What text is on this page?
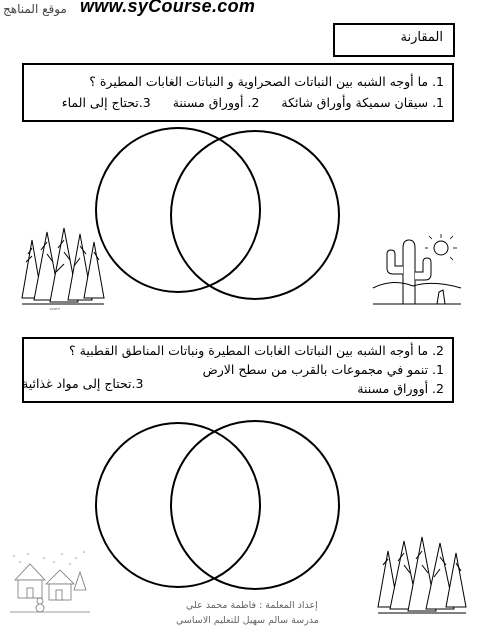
موقع المناهج www.syCourse.com
المقارنة
1. ما أوجه الشبه بين النباتات الصحراوية و النباتات الغابات المطيرة ؟
1. سيقان سميكة وأوراق شائكة
2. أووراق مسننة
3.تحتاج إلى الماء
EARTH
2. ما أوجه الشبه بين النباتات الغابات المطيرة ونباتات المناطق القطبية ؟
1. تنمو في مجموعات بالقرب من سطح الارض
2. أووراق مسننة
3.تحتاج إلى مواد غذائية
إعداد المعلمة : فاطمة محمد علي
مدرسة سالم سهيل للتعليم الاساسي
